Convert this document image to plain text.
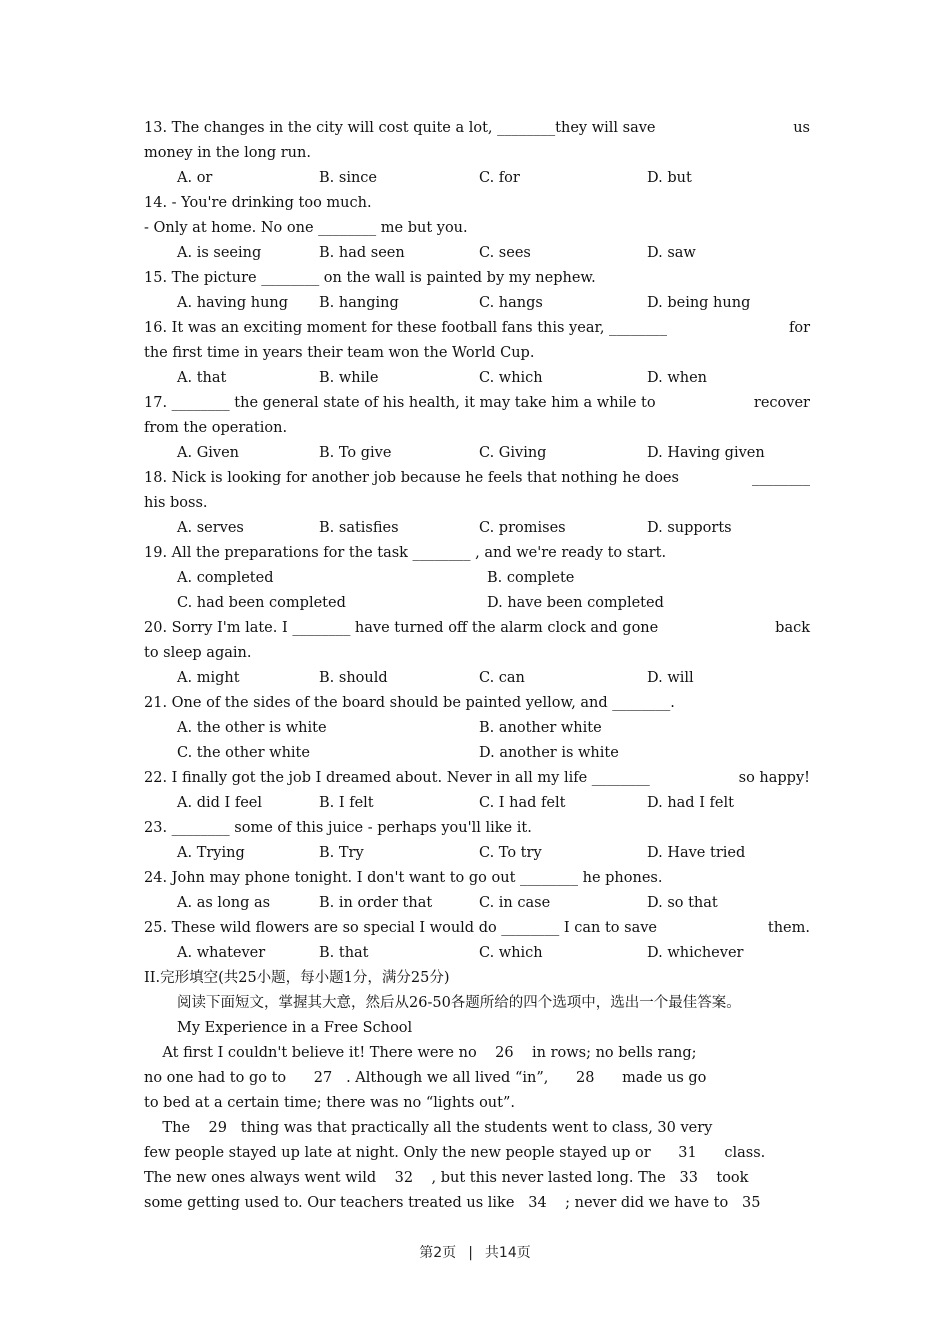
13. The changes in the city will cost quite a lot, ________they will save	us
money in the long run.
A. or	B. since	C. for	D. but
14. - You're drinking too much.
- Only at home. No one ________ me but you.
A. is seeing	B. had seen	C. sees	D. saw
15. The picture ________ on the wall is painted by my nephew.
A. having hung	B. hanging	C. hangs	D. being hung
16. It was an exciting moment for these football fans this year, ________	for
the first time in years their team won the World Cup.
A. that	B. while	C. which	D. when
17. ________ the general state of his health, it may take him a while to	recover
from the operation.
A. Given	B. To give	C. Giving	D. Having given
18. Nick is looking for another job because he feels that nothing he does	________
his boss.
A. serves	B. satisfies	C. promises	D. supports
19. All the preparations for the task ________ , and we're ready to start.
A. completed	B. complete
C. had been completed	D. have been completed
20. Sorry I'm late. I ________ have turned off the alarm clock and gone	back
to sleep again.
A. might	B. should	C. can	D. will
21. One of the sides of the board should be painted yellow, and ________.
A. the other is white	B. another white
C. the other white	D. another is white
22. I finally got the job I dreamed about. Never in all my life ________	so happy!
A. did I feel	B. I felt	C. I had felt	D. had I felt
23. ________ some of this juice - perhaps you'll like it.
A. Trying	B. Try	C. To try	D. Have tried
24. John may phone tonight. I don't want to go out ________ he phones.
A. as long as	B. in order that	C. in case	D. so that
25. These wild flowers are so special I would do ________ I can to save	them.
A. whatever	B. that	C. which	D. whichever
II.完形填空(共25小题，每小题1分，满分25分)
阅读下面短文，掌握其大意，然后从26-50各题所给的四个选项中，选出一个最佳答案。
My Experience in a Free School
At first I couldn't believe it! There were no    26    in rows; no bells rang;
no one had to go to      27   . Although we all lived “in”,      28      made us go
to bed at a certain time; there was no “lights out”.
The    29   thing was that practically all the students went to class, 30 very
few people stayed up late at night. Only the new people stayed up or      31      class.
The new ones always went wild    32    , but this never lasted long. The   33    took
some getting used to. Our teachers treated us like   34    ; never did we have to   35
第2页 | 共14页
